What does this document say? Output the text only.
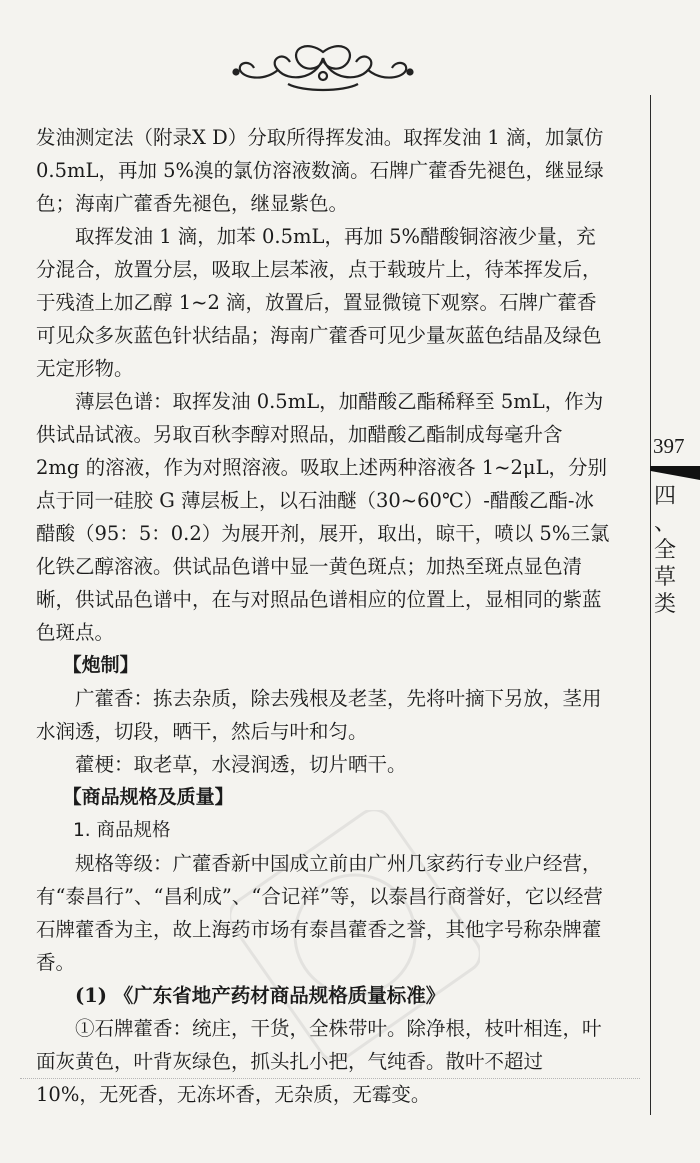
397
四
、
全
草
类

发油测定法（附录Ⅹ D）分取所得挥发油。取挥发油 1 滴，加氯仿 0.5mL，再加 5%溴的氯仿溶液数滴。石牌广藿香先褪色，继显绿色；海南广藿香先褪色，继显紫色。

取挥发油 1 滴，加苯 0.5mL，再加 5%醋酸铜溶液少量，充分混合，放置分层，吸取上层苯液，点于载玻片上，待苯挥发后，于残渣上加乙醇 1~2 滴，放置后，置显微镜下观察。石牌广藿香可见众多灰蓝色针状结晶；海南广藿香可见少量灰蓝色结晶及绿色无定形物。

薄层色谱：取挥发油 0.5mL，加醋酸乙酯稀释至 5mL，作为供试品试液。另取百秋李醇对照品，加醋酸乙酯制成每毫升含 2mg 的溶液，作为对照溶液。吸取上述两种溶液各 1~2μL，分别点于同一硅胶 G 薄层板上，以石油醚（30~60℃）-醋酸乙酯-冰醋酸（95：5：0.2）为展开剂，展开，取出，晾干，喷以 5%三氯化铁乙醇溶液。供试品色谱中显一黄色斑点；加热至斑点显色清晰，供试品色谱中，在与对照品色谱相应的位置上，显相同的紫蓝色斑点。

【炮制】

广藿香：拣去杂质，除去残根及老茎，先将叶摘下另放，茎用水润透，切段，晒干，然后与叶和匀。

藿梗：取老草，水浸润透，切片晒干。

【商品规格及质量】

1. 商品规格

规格等级：广藿香新中国成立前由广州几家药行专业户经营，有“泰昌行”、“昌利成”、“合记祥”等，以泰昌行商誉好，它以经营石牌藿香为主，故上海药市场有泰昌藿香之誉，其他字号称杂牌藿香。

(1) 《广东省地产药材商品规格质量标准》

①石牌藿香：统庄，干货，全株带叶。除净根，枝叶相连，叶面灰黄色，叶背灰绿色，抓头扎小把，气纯香。散叶不超过 10%，无死香，无冻坏香，无杂质，无霉变。
